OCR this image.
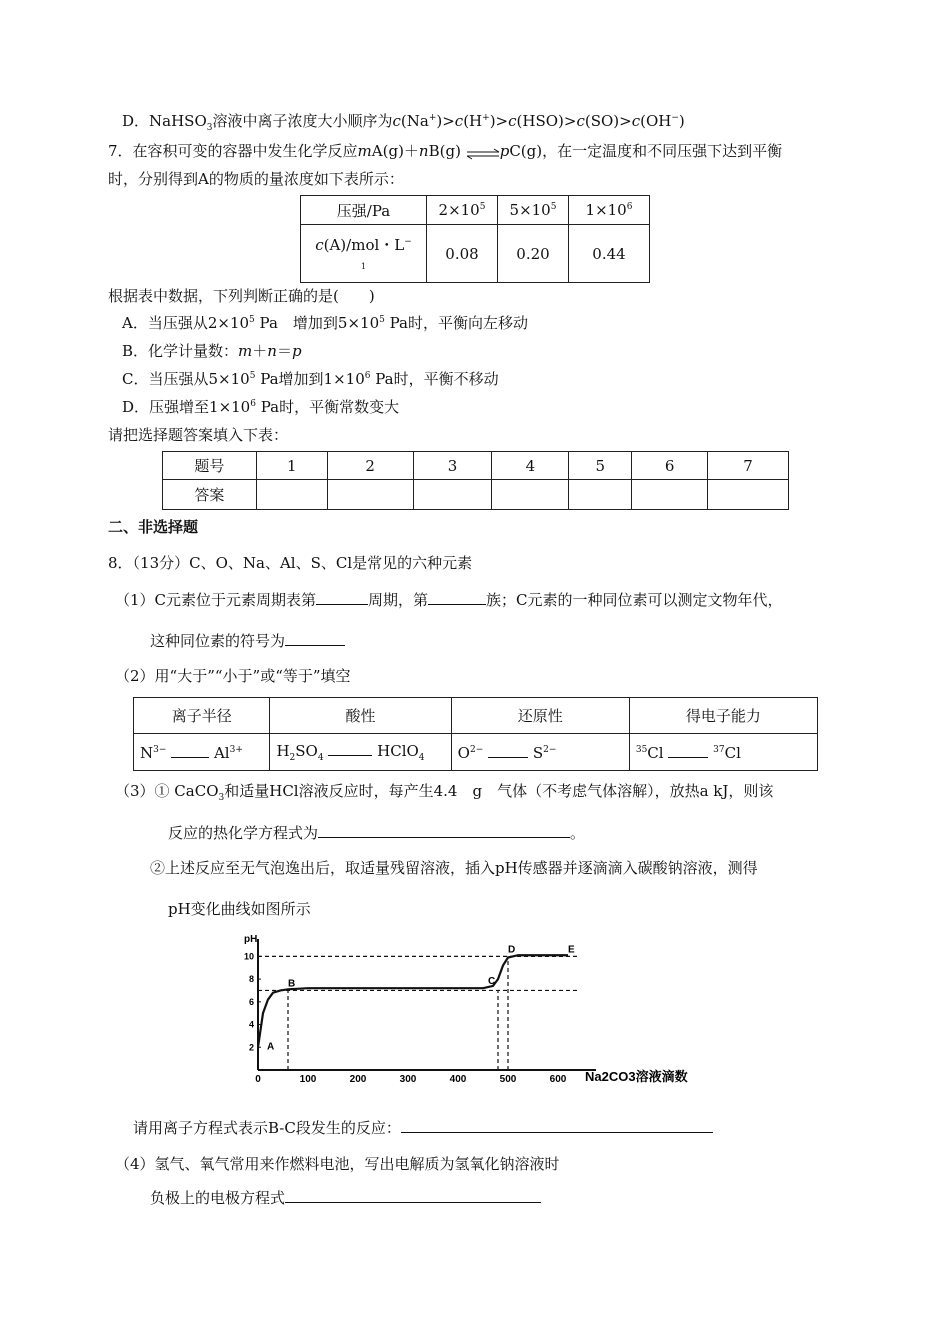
D．NaHSO$_3$溶液中离子浓度大小顺序为c(Na+)>c(H+)>c(HSO)>c(SO)>c(OH−)
7．在容积可变的容器中发生化学反应mA(g)＋nB(g) ⇌pC(g)，在一定温度和不同压强下达到平衡
时，分别得到A的物质的量浓度如下表所示：
压强/Pa	$2\times 10^5$	$5\times 10^5$	$1\times 10^6$
c(A)/mol・L−
1	0.08	0.20	0.44
根据表中数据，下列判断正确的是(　　)
A．当压强从$2\times 10^5$ Pa　增加到$5\times 10^5$ Pa时，平衡向左移动
B．化学计量数：m＋n＝p
C．当压强从$5\times 10^5$ Pa增加到$1\times 10^6$ Pa时，平衡不移动
D．压强增至$1\times 10^6$ Pa时，平衡常数变大
请把选择题答案填入下表：
题号	1	2	3	4	5	6	7
答案							
二、非选择题
8．（13分）C、O、Na、Al、S、Cl是常见的六种元素
（1）C元素位于元素周期表第	周期，第	族；C元素的一种同位素可以测定文物年代，
这种同位素的符号为
（2）用“大于”“小于”或“等于”填空
离子半径	酸性	还原性	得电子能力
$N^{3-}$ $Al^{3+}$	$H_2SO_4$ HClO$_4$	$O^{2-}$ $S^{2-}$	$^{35}$Cl $^{37}$Cl
（3）① CaCO$_3$和适量HCl溶液反应时，每产生4.4　g　气体（不考虑气体溶解），放热a kJ，则该
反应的热化学方程式为	。
②上述反应至无气泡逸出后，取适量残留溶液，插入pH传感器并逐滴滴入碳酸钠溶液，测得
pH变化曲线如图所示
0	100	200	300	400	500	600
2
4
6
8
10
A
B	C
D	E
pH
Na2CO3溶液滴数
请用离子方程式表示B-C段发生的反应：
（4）氢气、氧气常用来作燃料电池，写出电解质为氢氧化钠溶液时
负极上的电极方程式
